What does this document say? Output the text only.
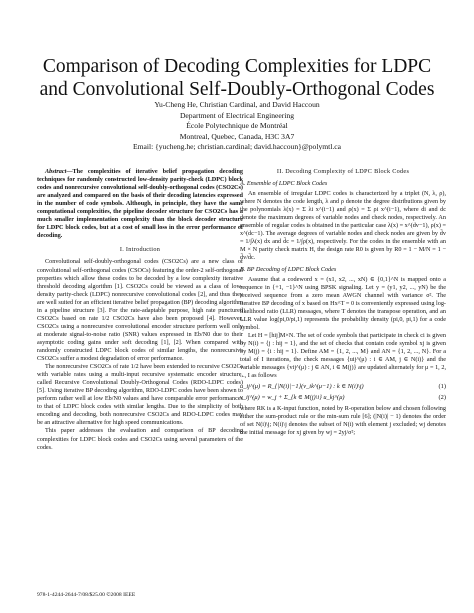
Comparison of Decoding Complexities for LDPC
and Convolutional Self-Doubly-Orthogonal Codes
Yu-Cheng He, Christian Cardinal, and David Haccoun
Department of Electrical Engineering
École Polytechnique de Montréal
Montreal, Quebec, Canada, H3C 3A7
Email: {yucheng.he; christian.cardinal; david.haccoun}@polymtl.ca

Abstract—The complexities of iterative belief propagation decoding techniques for randomly constructed low-density parity-check (LDPC) block codes and nonrecursive convolutional self-doubly-orthogonal codes (CSO2Cs) are analyzed and compared on the basis of their decoding latencies expressed in the number of code symbols. Although, in principle, they have the same computational complexities, the pipeline decoder structure for CSO2Cs has a much smaller implementation complexity than the block decoder structure for LDPC block codes, but at a cost of small loss in the error performance of decoding.

I. Introduction

Convolutional self-doubly-orthogonal codes (CSO2Cs) are a new class of convolutional self-orthogonal codes (CSOCs) featuring the order-2 self-orthogonal properties which allow these codes to be decoded by a low complexity iterative threshold decoding algorithm [1]. CSO2Cs could be viewed as a class of low-density parity-check (LDPC) nonrecursive convolutional codes [2], and thus they are well suited for an efficient iterative belief propagation (BP) decoding algorithm in a pipeline structure [3]. For the rate-adaptable purpose, high rate punctured CSO2Cs based on rate 1/2 CSO2Cs have also been proposed [4]. However, CSO2Cs using a nonrecursive convolutional encoder structure perform well only at moderate signal-to-noise ratio (SNR) values expressed in Eb/N0 due to their asymptotic coding gains under soft decoding [1], [2]. When compared with randomly constructed LDPC block codes of similar lengths, the nonrecursive CSO2Cs suffer a modest degradation of error performance.

The nonrecursive CSO2Cs of rate 1/2 have been extended to recursive CSO2Cs with variable rates using a multi-input recursive systematic encoder structure, called Recursive Convolutional Doubly-Orthogonal Codes (RDO-LDPC codes) [5]. Using iterative BP decoding algorithm, RDO-LDPC codes have been shown to perform rather well at low Eb/N0 values and have comparable error performances to that of LDPC block codes with similar lengths. Due to the simplicity of both encoding and decoding, both nonrecursive CSO2Cs and RDO-LDPC codes may be an attractive alternative for high speed communications.

This paper addresses the evaluation and comparison of BP decoding complexities for LDPC block codes and CSO2Cs using several parameters of the codes.

II. Decoding Complexity of LDPC Block Codes
A. Ensemble of LDPC Block Codes

An ensemble of irregular LDPC codes is characterized by a triplet (N, λ, ρ), where N denotes the code length, λ and ρ denote the degree distributions given by the polynomials λ(x) = Σ λi x^(i−1) and ρ(x) = Σ ρi x^(i−1), where di and dc denote the maximum degrees of variable nodes and check nodes, respectively. An ensemble of regular codes is obtained in the particular case λ(x) = x^(dv−1), ρ(x) = x^(dc−1). The average degrees of variable nodes and check nodes are given by d̄v = 1/∫λ(x) dx and d̄c = 1/∫ρ(x), respectively. For the codes in the ensemble with an M × N parity check matrix H, the design rate R0 is given by R0 = 1 − M/N = 1 − d̄v/d̄c.

B. BP Decoding of LDPC Block Codes

Assume that a codeword x = (x1, x2, ..., xN) ∈ {0,1}^N is mapped onto a sequence in {+1, −1}^N using BPSK signaling. Let y = (y1, y2, ..., yN) be the received sequence from a zero mean AWGN channel with variance σ². The iterative BP decoding of x based on Hx^T = 0 is conveniently expressed using log-likelihood ratio (LLR) messages, where T denotes the transpose operation, and an LLR value log(pi,0/pi,1) represents the probability density (pi,0, pi,1) for a code symbol.

Let H = [hij]M×N. The set of code symbols that participate in check ci is given by N(i) = {j : hij = 1}, and the set of checks that contain code symbol xj is given by M(j) = {i : hij = 1}. Define AM = {1, 2, ..., M} and AN = {1, 2, ..., N}. For a total of I iterations, the check messages {uij^(μ) : i ∈ AM, j ∈ N(i)} and the variable messages {vij^(μ) : j ∈ AN, i ∈ M(j)} are updated alternately for μ = 1, 2, ..., I as follows

u_ij^(μ) = R_{|N(i)|−1}(v_ik^(μ−1) : k ∈ N(i)\j)	(1)
v_ij^(μ) = w_j + Σ_{k ∈ M(j)\i} u_kj^(μ)	(2)

where RK is a K-input function, noted by R-operation below and chosen following either the sum-product rule or the min-sum rule [6]; (|N(i)| − 1) denotes the order of set N(i)\j; N(i)\j denotes the subset of N(i) with element j excluded; wj denotes the initial message for xj given by wj = 2yj/σ²;

978-1-4244-2644-7/08/$25.00 ©2008 IEEE
